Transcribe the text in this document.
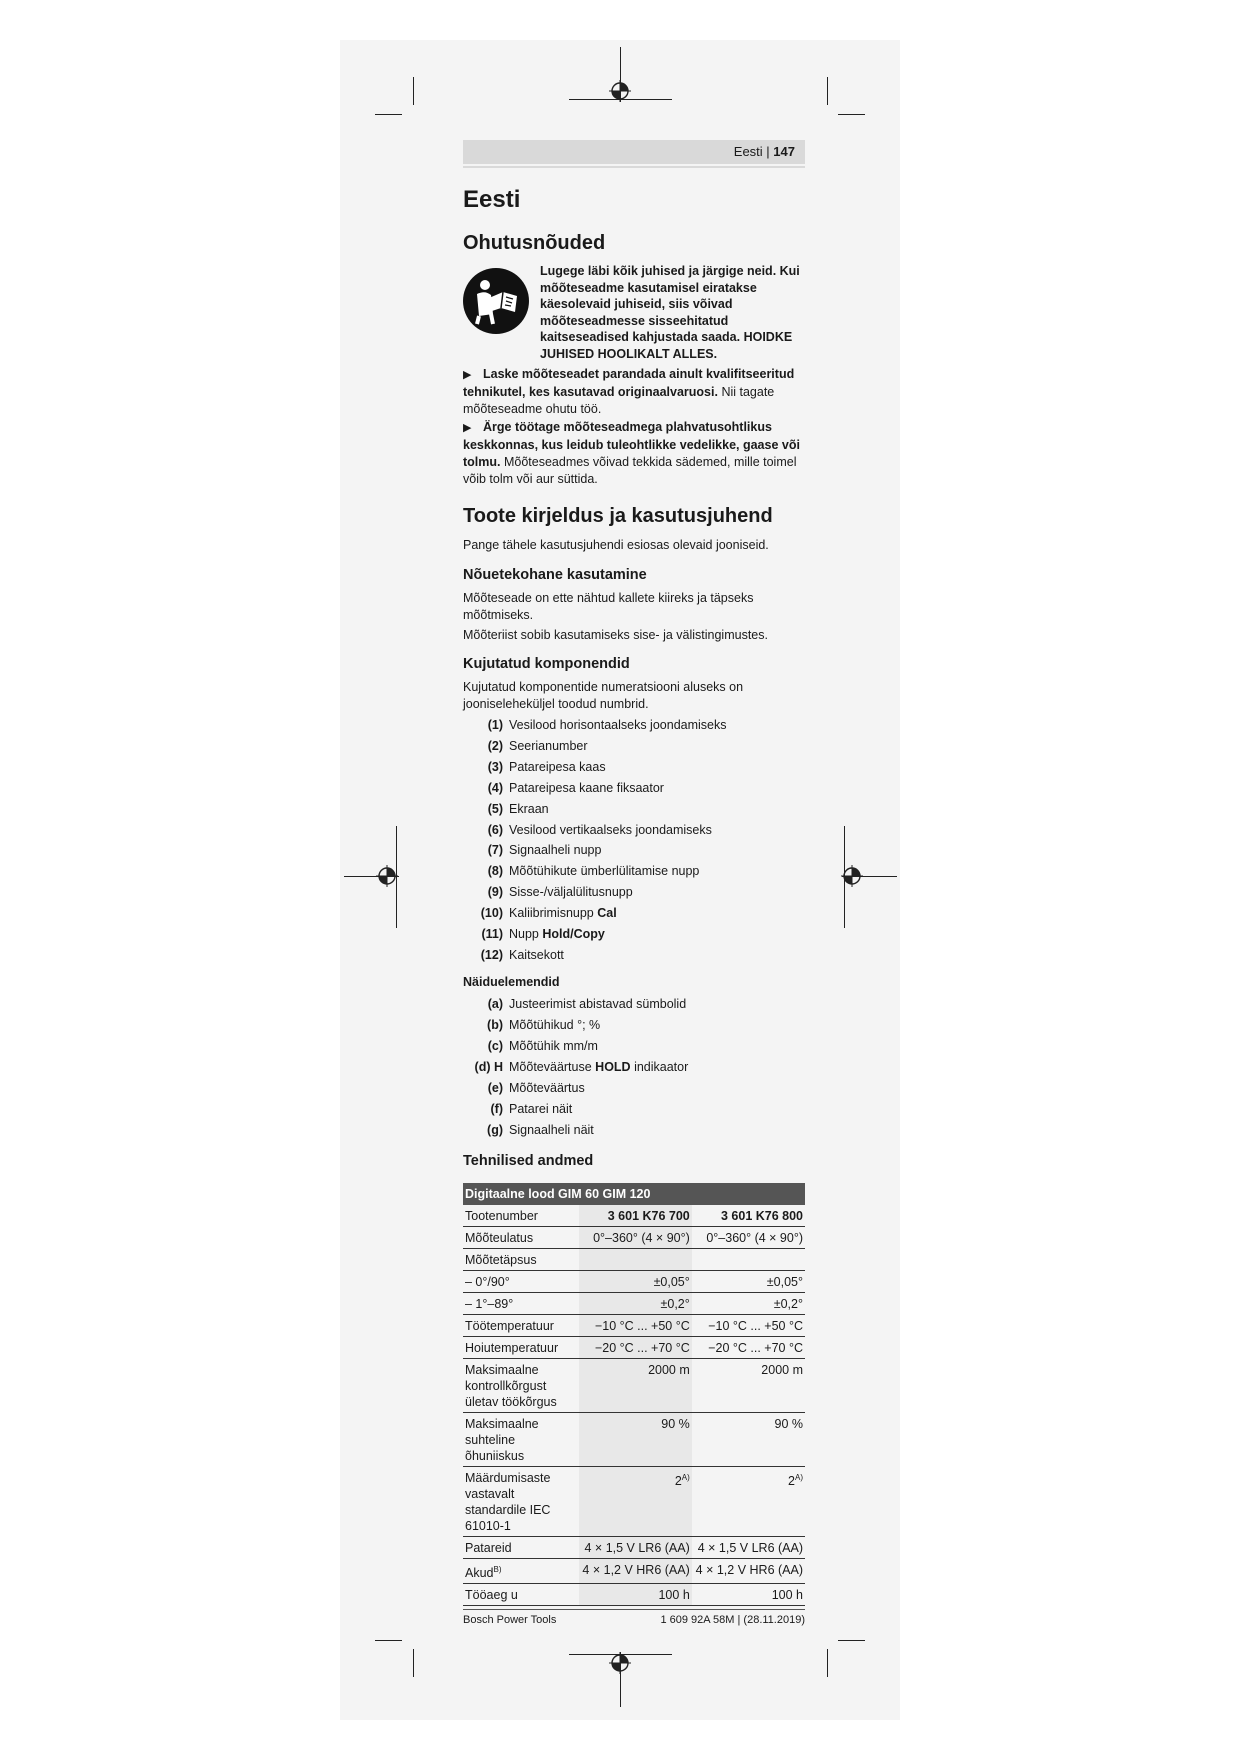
Eesti | 147
Eesti
Ohutusnõuded
Lugege läbi kõik juhised ja järgige neid. Kui mõõteseadme kasutamisel eiratakse käesolevaid juhiseid, siis võivad mõõteseadmesse sisseehitatud kaitseseadised kahjustada saada. HOIDKE JUHISED HOOLIKALT ALLES.
▶ Laske mõõteseadet parandada ainult kvalifitseeritud tehnikutel, kes kasutavad originaalvaruosi. Nii tagate mõõteseadme ohutu töö.
▶ Ärge töötage mõõteseadmega plahvatusohtlikus keskkonnas, kus leidub tuleohtlikke vedelikke, gaase või tolmu. Mõõteseadmes võivad tekkida sädemed, mille toimel võib tolm või aur süttida.
Toote kirjeldus ja kasutusjuhend
Pange tähele kasutusjuhendi esiosas olevaid jooniseid.
Nõuetekohane kasutamine
Mõõteseade on ette nähtud kallete kiireks ja täpseks mõõtmiseks.
Mõõteriist sobib kasutamiseks sise- ja välistingimustes.
Kujutatud komponendid
Kujutatud komponentide numeratsiooni aluseks on jooniseleheküljel toodud numbrid.
(1) Vesilood horisontaalseks joondamiseks
(2) Seerianumber
(3) Patareipesa kaas
(4) Patareipesa kaane fiksaator
(5) Ekraan
(6) Vesilood vertikaalseks joondamiseks
(7) Signaalheli nupp
(8) Mõõtühikute ümberlülitamise nupp
(9) Sisse-/väljalülitusnupp
(10) Kaliibrimisnupp Cal
(11) Nupp Hold/Copy
(12) Kaitsekott
Näiduelemendid
(a) Justeerimist abistavad sümbolid
(b) Mõõtühikud °; %
(c) Mõõtühik mm/m
(d) H Mõõteväärtuse HOLD indikaator
(e) Mõõteväärtus
(f) Patarei näit
(g) Signaalheli näit
Tehnilised andmed
Digitaalne lood GIM 60 GIM 120		
Tootenumber	3 601 K76 700	3 601 K76 800
Mõõteulatus	0°–360° (4 × 90°)	0°–360° (4 × 90°)
Mõõtetäpsus		
– 0°/90°	±0,05°	±0,05°
– 1°–89°	±0,2°	±0,2°
Töötemperatuur	−10 °C ... +50 °C	−10 °C ... +50 °C
Hoiutemperatuur	−20 °C ... +70 °C	−20 °C ... +70 °C
Maksimaalne kontrollkõrgust ületav töökõrgus	2000 m	2000 m
Maksimaalne suhteline õhuniiskus	90 %	90 %
Määrdumisaste vastavalt standardile IEC 61010-1	$2^{A)}$	$2^{A)}$
Patareid	4 × 1,5 V LR6 (AA)	4 × 1,5 V LR6 (AA)
Akud$^{B)}$	4 × 1,2 V HR6 (AA)	4 × 1,2 V HR6 (AA)
Tööaeg u	100 h	100 h
Bosch Power Tools	1 609 92A 58M | (28.11.2019)
